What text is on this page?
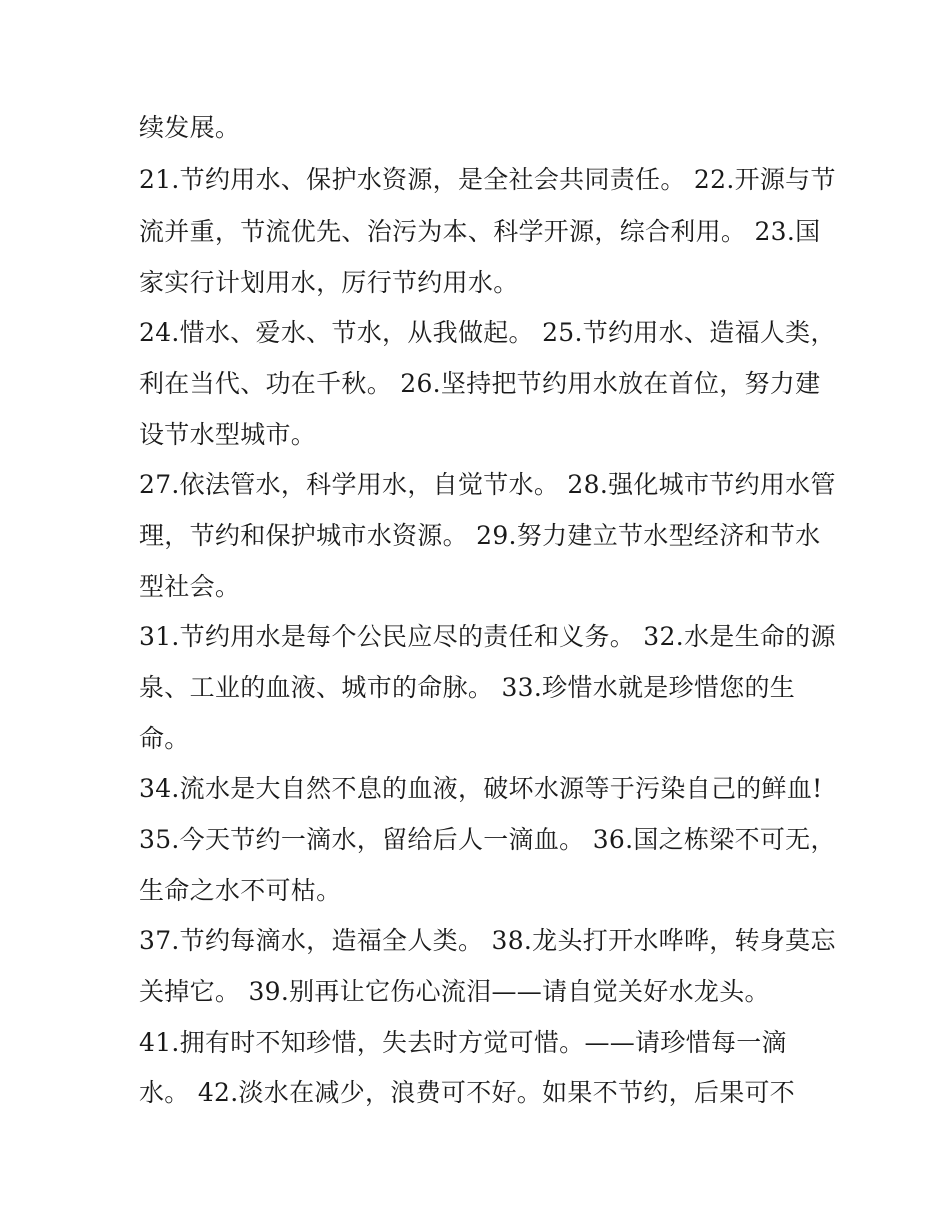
续发展。
21.节约用水、保护水资源，是全社会共同责任。 22.开源与节
流并重，节流优先、治污为本、科学开源，综合利用。 23.国
家实行计划用水，厉行节约用水。
24.惜水、爱水、节水，从我做起。 25.节约用水、造福人类，
利在当代、功在千秋。 26.坚持把节约用水放在首位，努力建
设节水型城市。
27.依法管水，科学用水，自觉节水。 28.强化城市节约用水管
理，节约和保护城市水资源。 29.努力建立节水型经济和节水
型社会。
31.节约用水是每个公民应尽的责任和义务。 32.水是生命的源
泉、工业的血液、城市的命脉。 33.珍惜水就是珍惜您的生
命。
34.流水是大自然不息的血液，破坏水源等于污染自己的鲜血!
35.今天节约一滴水，留给后人一滴血。 36.国之栋梁不可无，
生命之水不可枯。
37.节约每滴水，造福全人类。 38.龙头打开水哗哗，转身莫忘
关掉它。 39.别再让它伤心流泪——请自觉关好水龙头。
41.拥有时不知珍惜，失去时方觉可惜。——请珍惜每一滴
水。 42.淡水在减少，浪费可不好。如果不节约，后果可不
